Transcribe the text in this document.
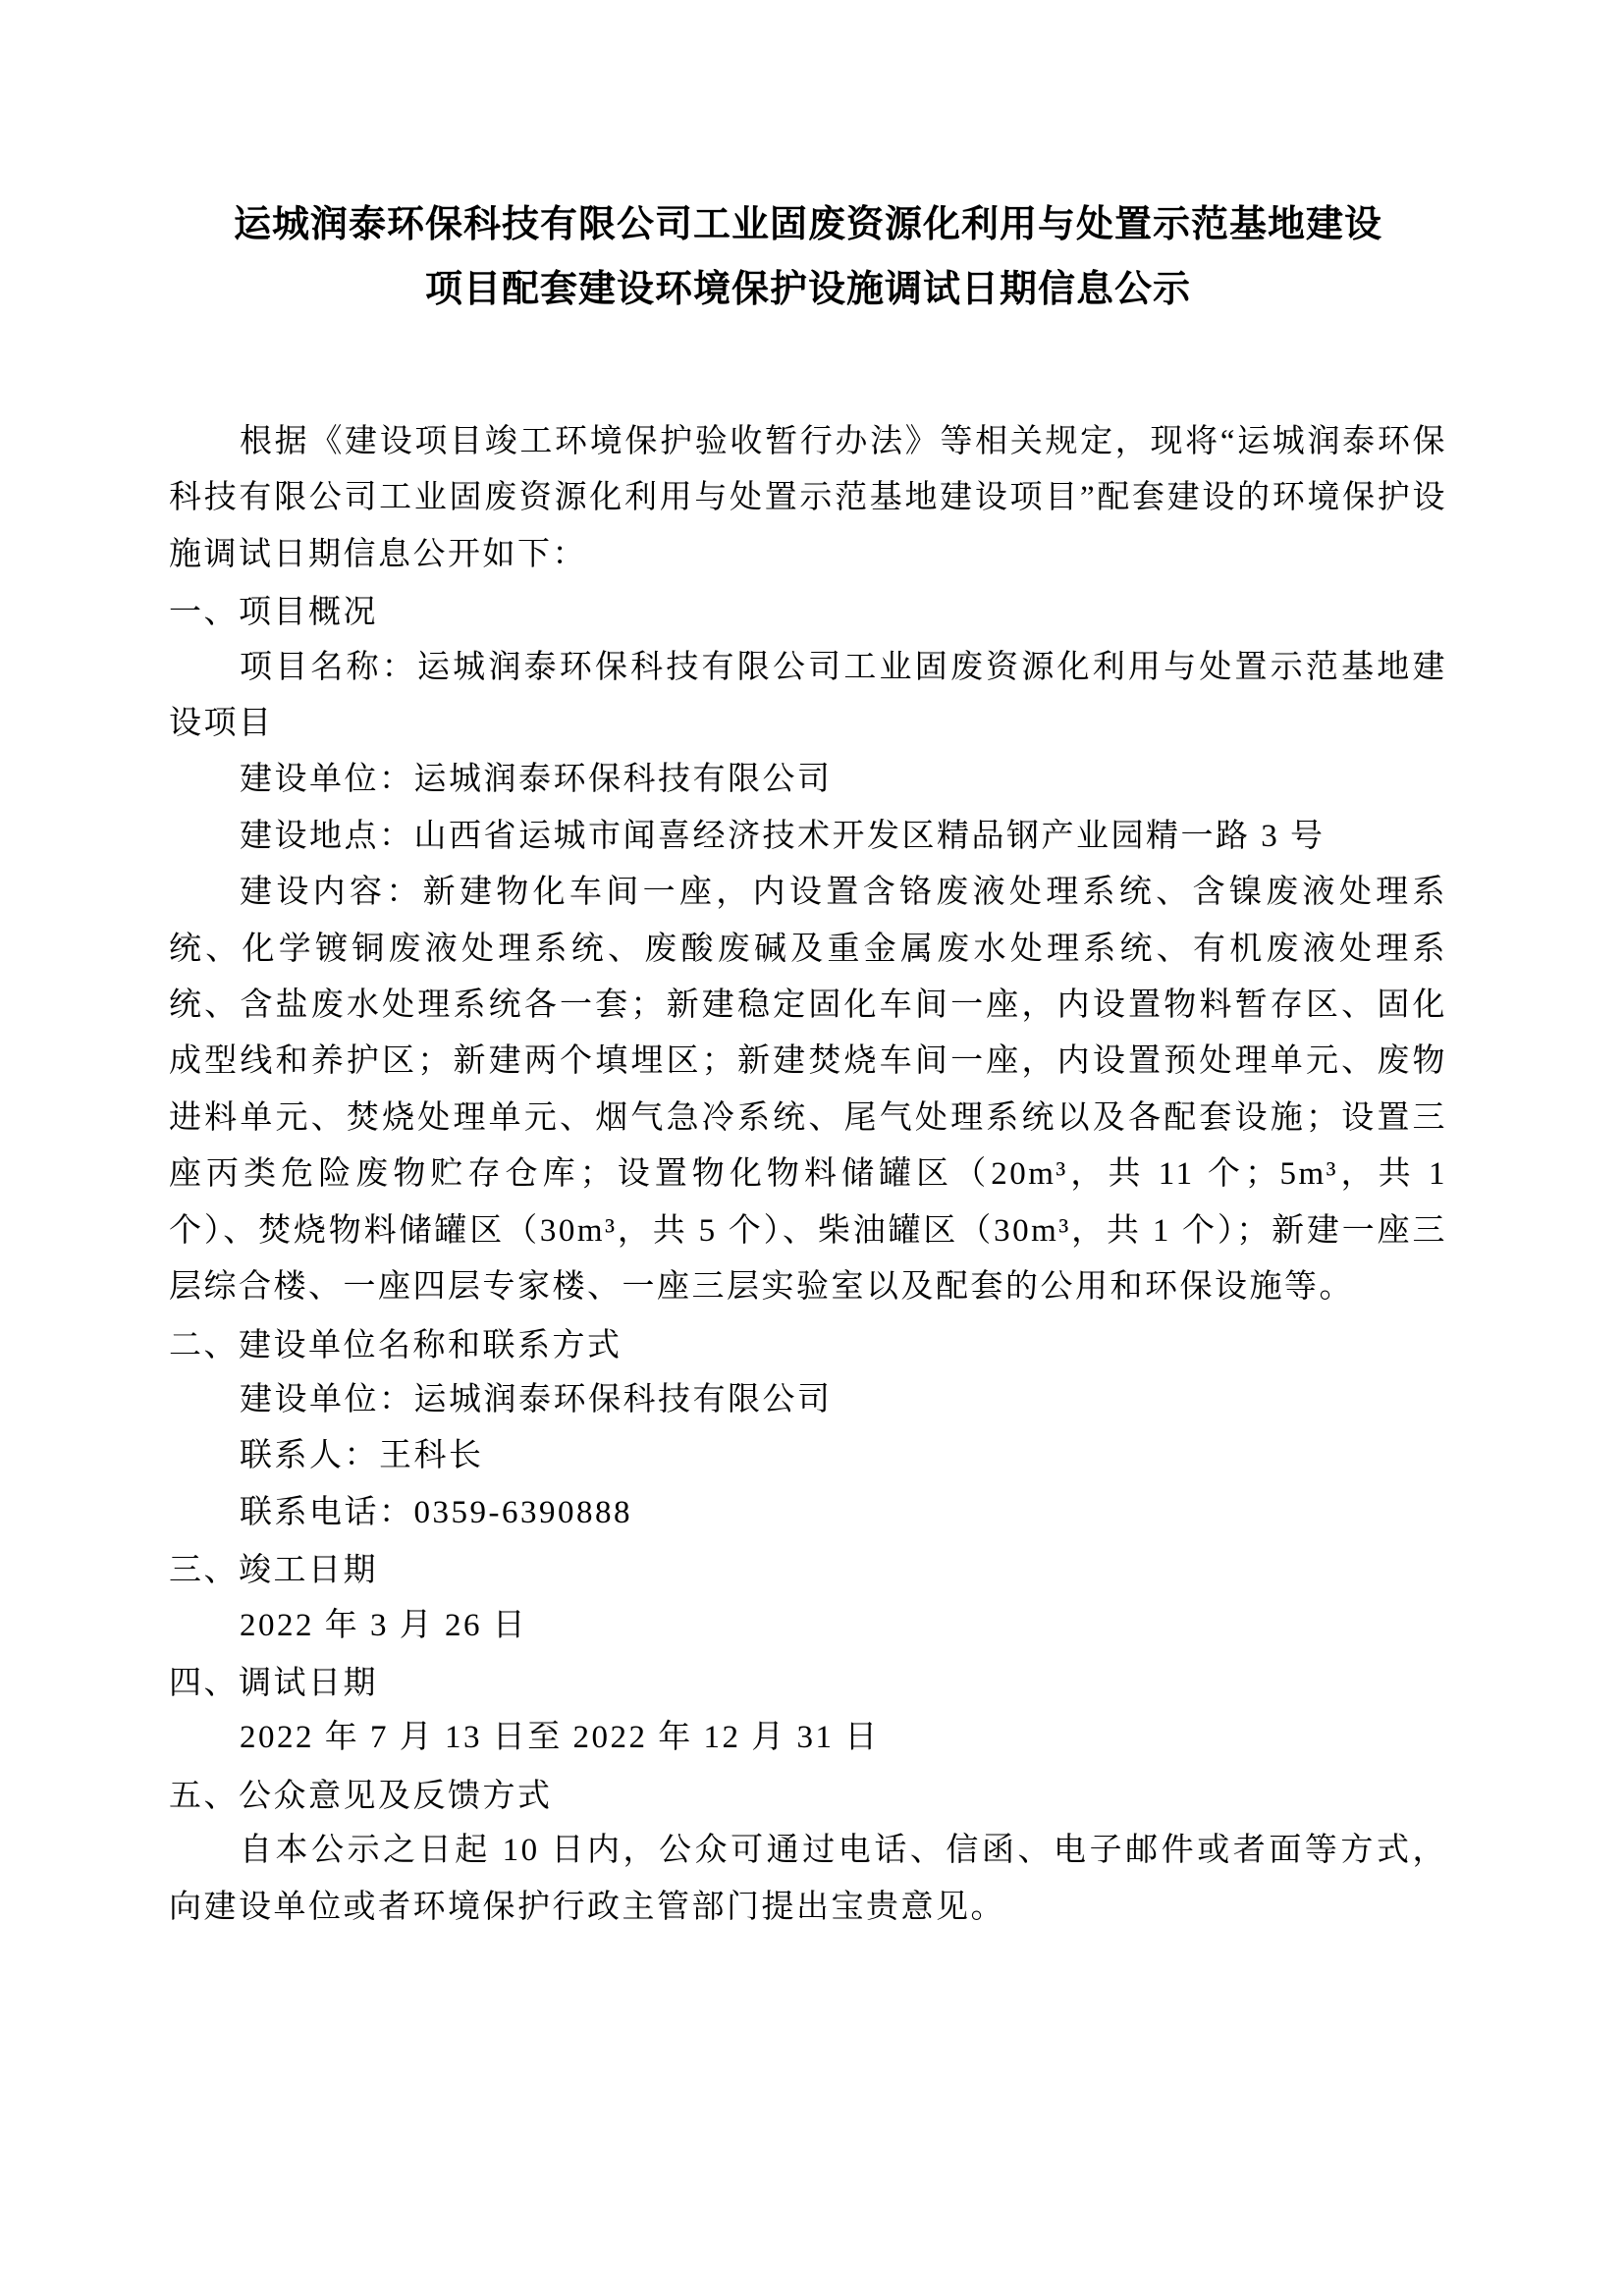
运城润泰环保科技有限公司工业固废资源化利用与处置示范基地建设项目配套建设环境保护设施调试日期信息公示

根据《建设项目竣工环境保护验收暂行办法》等相关规定，现将“运城润泰环保科技有限公司工业固废资源化利用与处置示范基地建设项目”配套建设的环境保护设施调试日期信息公开如下：

一、项目概况

项目名称：运城润泰环保科技有限公司工业固废资源化利用与处置示范基地建设项目

建设单位：运城润泰环保科技有限公司

建设地点：山西省运城市闻喜经济技术开发区精品钢产业园精一路 3 号

建设内容：新建物化车间一座，内设置含铬废液处理系统、含镍废液处理系统、化学镀铜废液处理系统、废酸废碱及重金属废水处理系统、有机废液处理系统、含盐废水处理系统各一套；新建稳定固化车间一座，内设置物料暂存区、固化成型线和养护区；新建两个填埋区；新建焚烧车间一座，内设置预处理单元、废物进料单元、焚烧处理单元、烟气急冷系统、尾气处理系统以及各配套设施；设置三座丙类危险废物贮存仓库；设置物化物料储罐区（20m³，共 11 个；5m³，共 1 个）、焚烧物料储罐区（30m³，共 5 个）、柴油罐区（30m³，共 1 个）；新建一座三层综合楼、一座四层专家楼、一座三层实验室以及配套的公用和环保设施等。

二、建设单位名称和联系方式

建设单位：运城润泰环保科技有限公司

联系人：王科长

联系电话：0359-6390888

三、竣工日期

2022 年 3 月 26 日

四、调试日期

2022 年 7 月 13 日至 2022 年 12 月 31 日

五、公众意见及反馈方式

自本公示之日起 10 日内，公众可通过电话、信函、电子邮件或者面等方式，向建设单位或者环境保护行政主管部门提出宝贵意见。
